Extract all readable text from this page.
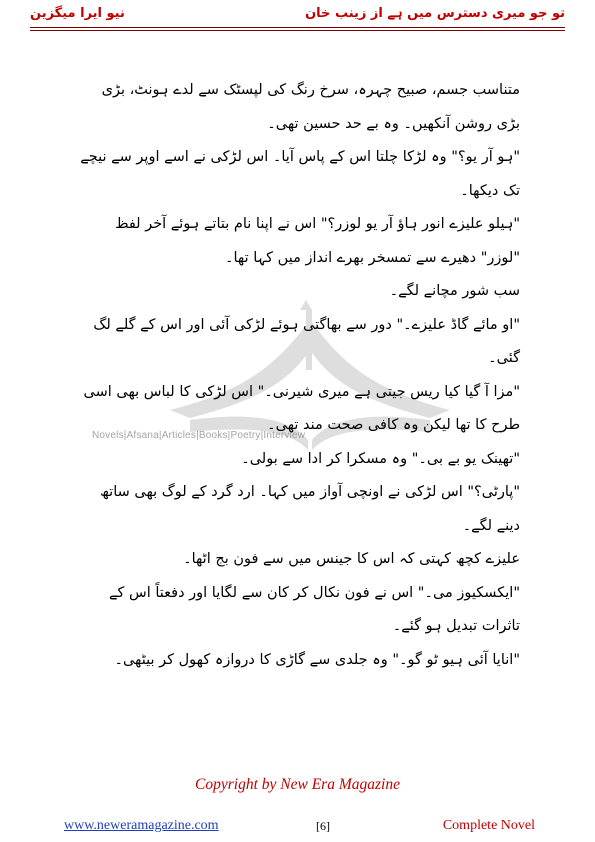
نیو ایرا میگزین	تو جو میری دسترس میں ہے از زینب خان
Novels|Afsana|Articles|Books|Poetry|Interview

متناسب جسم، صبیح چہرہ، سرخ رنگ کی لپسٹک سے لدے ہونٹ، بڑی بڑی روشن آنکھیں۔ وہ بے حد حسین تھی۔

"ہو آر یو؟" وہ لڑکا چلتا اس کے پاس آیا۔ اس لڑکی نے اسے اوپر سے نیچے تک دیکھا۔

"ہیلو علیزے انور ہاؤ آر یو لوزر؟" اس نے اپنا نام بتاتے ہوئے آخر لفظ "لوزر" دھیرے سے تمسخر بھرے انداز میں کہا تھا۔

سب شور مچانے لگے۔

"او مائے گاڈ علیزے۔" دور سے بھاگتی ہوئے لڑکی آئی اور اس کے گلے لگ گئی۔

"مزا آ گیا کیا ریس جیتی ہے میری شیرنی۔" اس لڑکی کا لباس بھی اسی طرح کا تھا لیکن وہ کافی صحت مند تھی۔

"تھینک یو بے بی۔" وہ مسکرا کر ادا سے بولی۔

"پارٹی؟" اس لڑکی نے اونچی آواز میں کہا۔ ارد گرد کے لوگ بھی ساتھ دینے لگے۔

علیزے کچھ کہتی کہ اس کا جینس میں سے فون بج اٹھا۔

"ایکسکیوز می۔" اس نے فون نکال کر کان سے لگایا اور دفعتاً اس کے تاثرات تبدیل ہو گئے۔

"انایا آئی ہیو ٹو گو۔" وہ جلدی سے گاڑی کا دروازہ کھول کر بیٹھی۔

Copyright by New Era Magazine
www.neweramagazine.com	[6]	Complete Novel
